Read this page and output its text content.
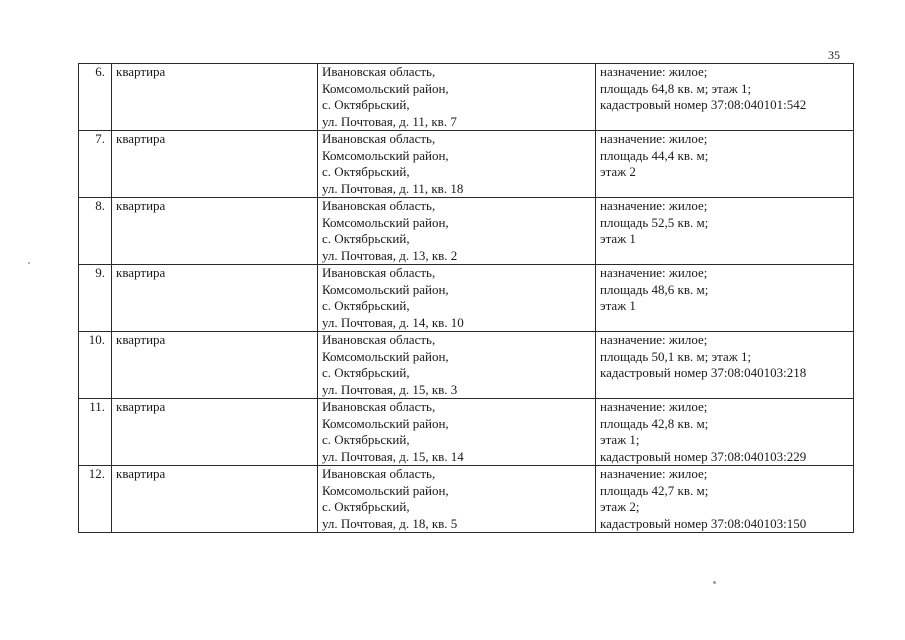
35
6.	квартира	Ивановская область,
Комсомольский район,
с. Октябрьский,
ул. Почтовая, д. 11, кв. 7	назначение: жилое;
площадь 64,8 кв. м; этаж 1;
кадастровый номер 37:08:040101:542

7.	квартира	Ивановская область,
Комсомольский район,
с. Октябрьский,
ул. Почтовая, д. 11, кв. 18	назначение: жилое;
площадь 44,4 кв. м;
этаж 2

8.	квартира	Ивановская область,
Комсомольский район,
с. Октябрьский,
ул. Почтовая, д. 13, кв. 2	назначение: жилое;
площадь 52,5 кв. м;
этаж 1

9.	квартира	Ивановская область,
Комсомольский район,
с. Октябрьский,
ул. Почтовая, д. 14, кв. 10	назначение: жилое;
площадь 48,6 кв. м;
этаж 1

10.	квартира	Ивановская область,
Комсомольский район,
с. Октябрьский,
ул. Почтовая, д. 15, кв. 3	назначение: жилое;
площадь 50,1 кв. м; этаж 1;
кадастровый номер 37:08:040103:218

11.	квартира	Ивановская область,
Комсомольский район,
с. Октябрьский,
ул. Почтовая, д. 15, кв. 14	назначение: жилое;
площадь 42,8 кв. м;
этаж 1;
кадастровый номер 37:08:040103:229

12.	квартира	Ивановская область,
Комсомольский район,
с. Октябрьский,
ул. Почтовая, д. 18, кв. 5	назначение: жилое;
площадь 42,7 кв. м;
этаж 2;
кадастровый номер 37:08:040103:150
